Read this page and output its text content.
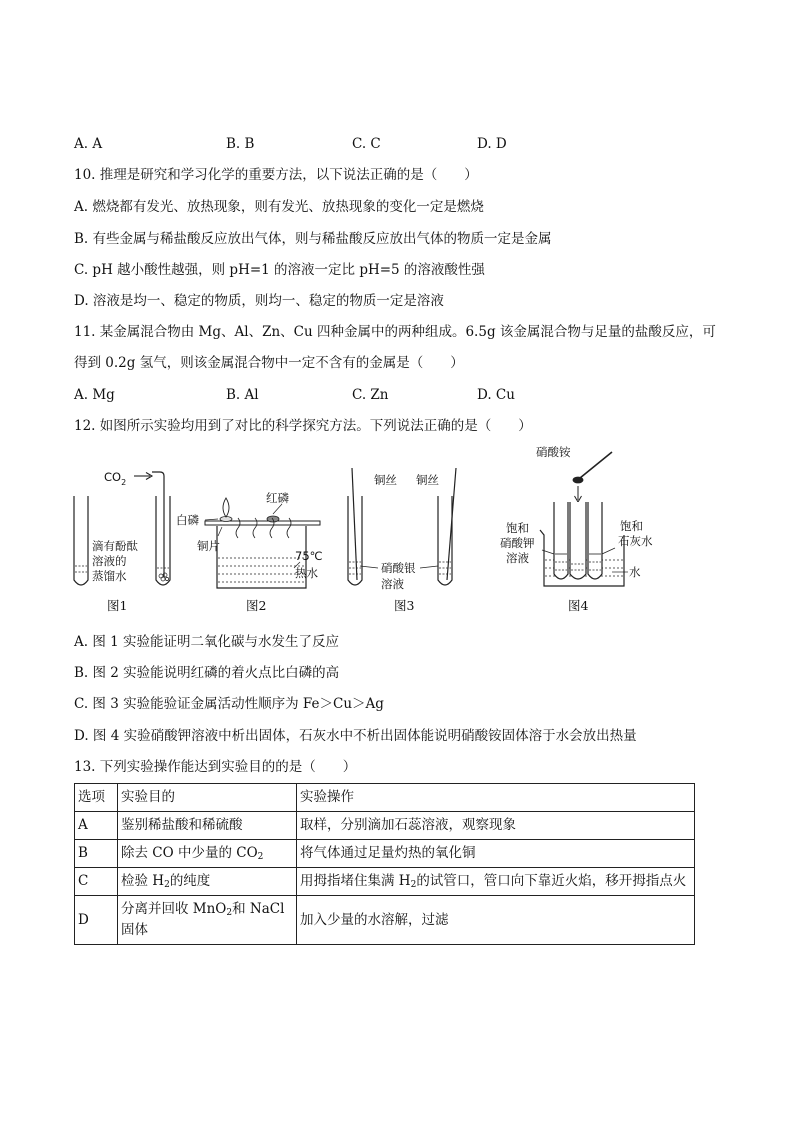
A. A	B. B	C. C	D. D
10. 推理是研究和学习化学的重要方法，以下说法正确的是（　　）
A. 燃烧都有发光、放热现象，则有发光、放热现象的变化一定是燃烧
B. 有些金属与稀盐酸反应放出气体，则与稀盐酸反应放出气体的物质一定是金属
C. pH 越小酸性越强，则 pH=1 的溶液一定比 pH=5 的溶液酸性强
D. 溶液是均一、稳定的物质，则均一、稳定的物质一定是溶液
11. 某金属混合物由 Mg、Al、Zn、Cu 四种金属中的两种组成。6.5g 该金属混合物与足量的盐酸反应，可
得到 0.2g 氢气，则该金属混合物中一定不含有的金属是（　　）
A. Mg	B. Al	C. Zn	D. Cu
12. 如图所示实验均用到了对比的科学探究方法。下列说法正确的是（　　）
$CO_2$
滴有酚酞
溶液的
蒸馏水
图1
红磷
白磷
铜片
75℃
热水
图2
铜丝 铜丝
硝酸银
溶液
图3
硝酸铵
饱和
硝酸钾
溶液
饱和
石灰水
水
图4
A. 图 1 实验能证明二氧化碳与水发生了反应
B. 图 2 实验能说明红磷的着火点比白磷的高
C. 图 3 实验能验证金属活动性顺序为 Fe＞Cu＞Ag
D. 图 4 实验硝酸钾溶液中析出固体，石灰水中不析出固体能说明硝酸铵固体溶于水会放出热量
13. 下列实验操作能达到实验目的的是（　　）
选项	实验目的	实验操作
A	鉴别稀盐酸和稀硫酸	取样，分别滴加石蕊溶液，观察现象
B	除去 CO 中少量的 $CO_2$	将气体通过足量灼热的氧化铜
C	检验 $H_2$的纯度	用拇指堵住集满 $H_2$的试管口，管口向下靠近火焰，移开拇指点火
D	分离并回收 MnO$_2$和 NaCl 固体	加入少量的水溶解，过滤
